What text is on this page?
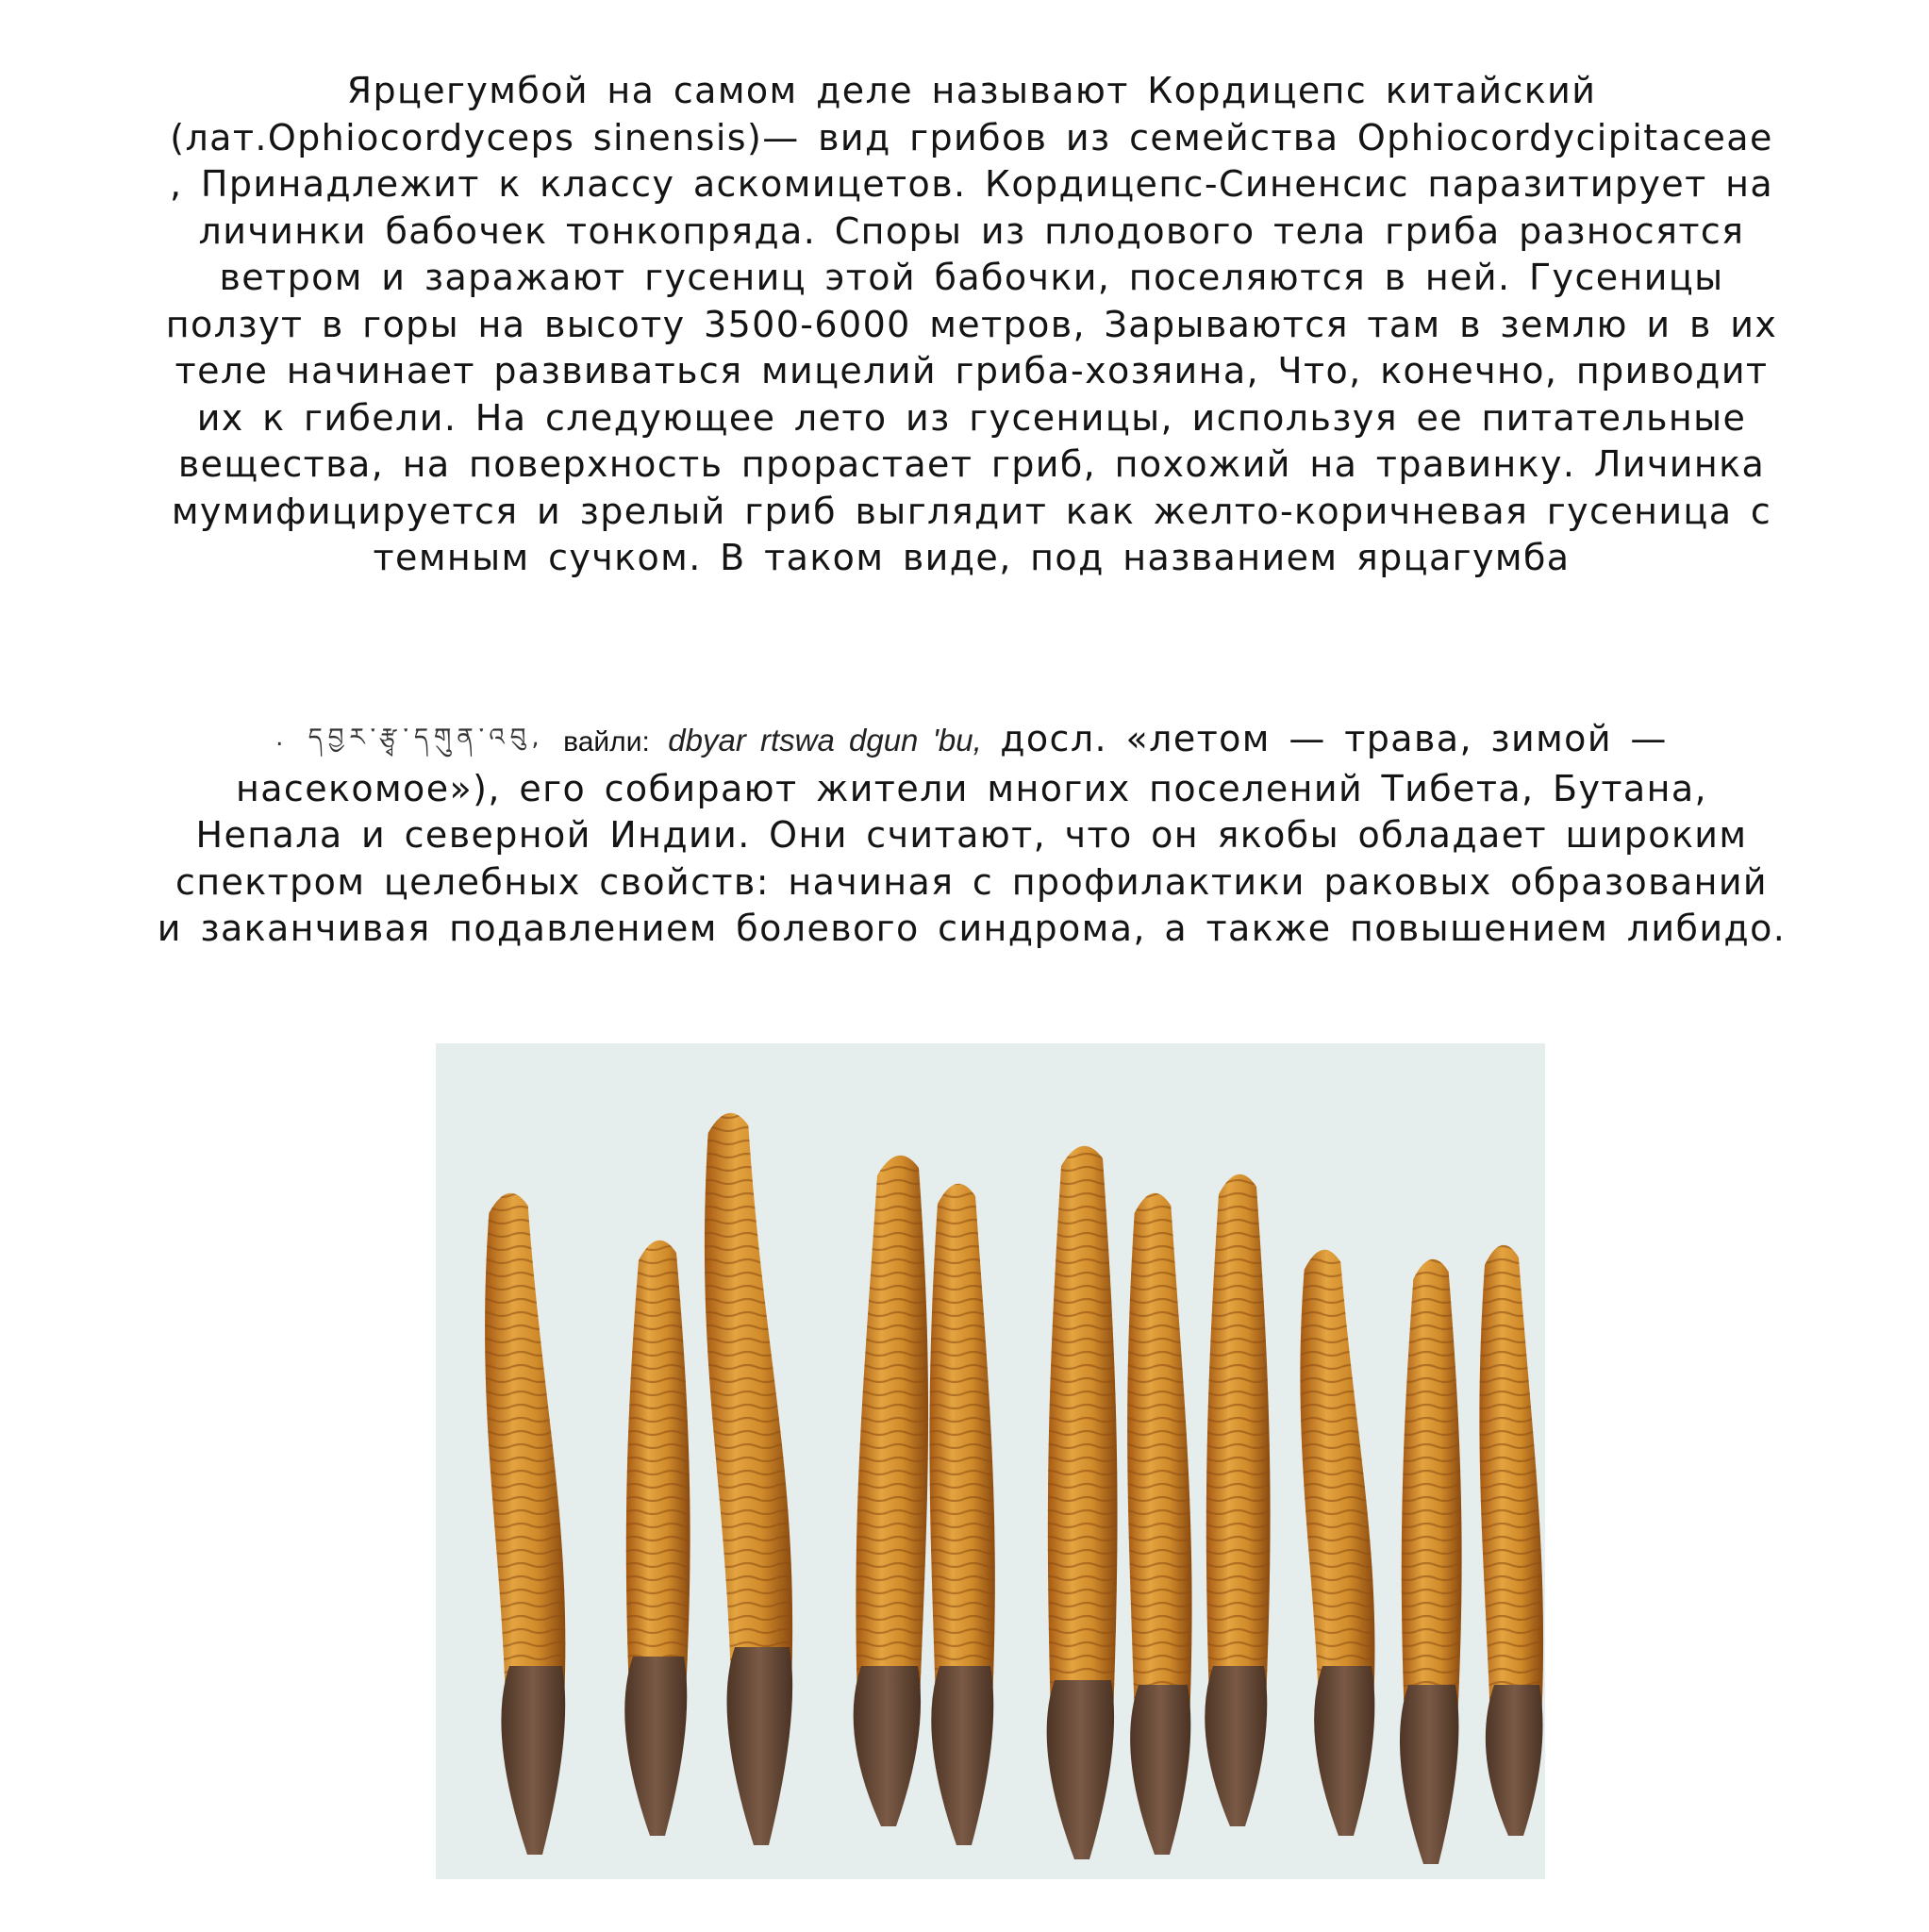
Ярцегумбой на самом деле называют Кордицепс китайский (лат.Ophiocordyceps sinensis)— вид грибов из семейства Ophiocordycipitaceae , Принадлежит к классу аскомицетов. Кордицепс-Синенсис паразитирует на личинки бабочек тонкопряда. Споры из плодового тела гриба разносятся ветром и заражают гусениц этой бабочки, поселяются в ней. Гусеницы ползут в горы на высоту 3500-6000 метров, Зарываются там в землю и в их теле начинает развиваться мицелий гриба-хозяина, Что, конечно, приводит их к гибели. На следующее лето из гусеницы, используя ее питательные вещества, на поверхность прорастает гриб, похожий на травинку. Личинка мумифицируется и зрелый гриб выглядит как желто-коричневая гусеница с темным сучком. В таком виде, под названием ярцагумба

. དབྱར་རྩྭ་དགུན་འབུ, вайли: dbyar rtswa dgun 'bu, досл. «летом — трава, зимой — насекомое»), его собирают жители многих поселений Тибета, Бутана, Непала и северной Индии. Они считают, что он якобы обладает широким спектром целебных свойств: начиная с профилактики раковых образований и заканчивая подавлением болевого синдрома, а также повышением либидо.
